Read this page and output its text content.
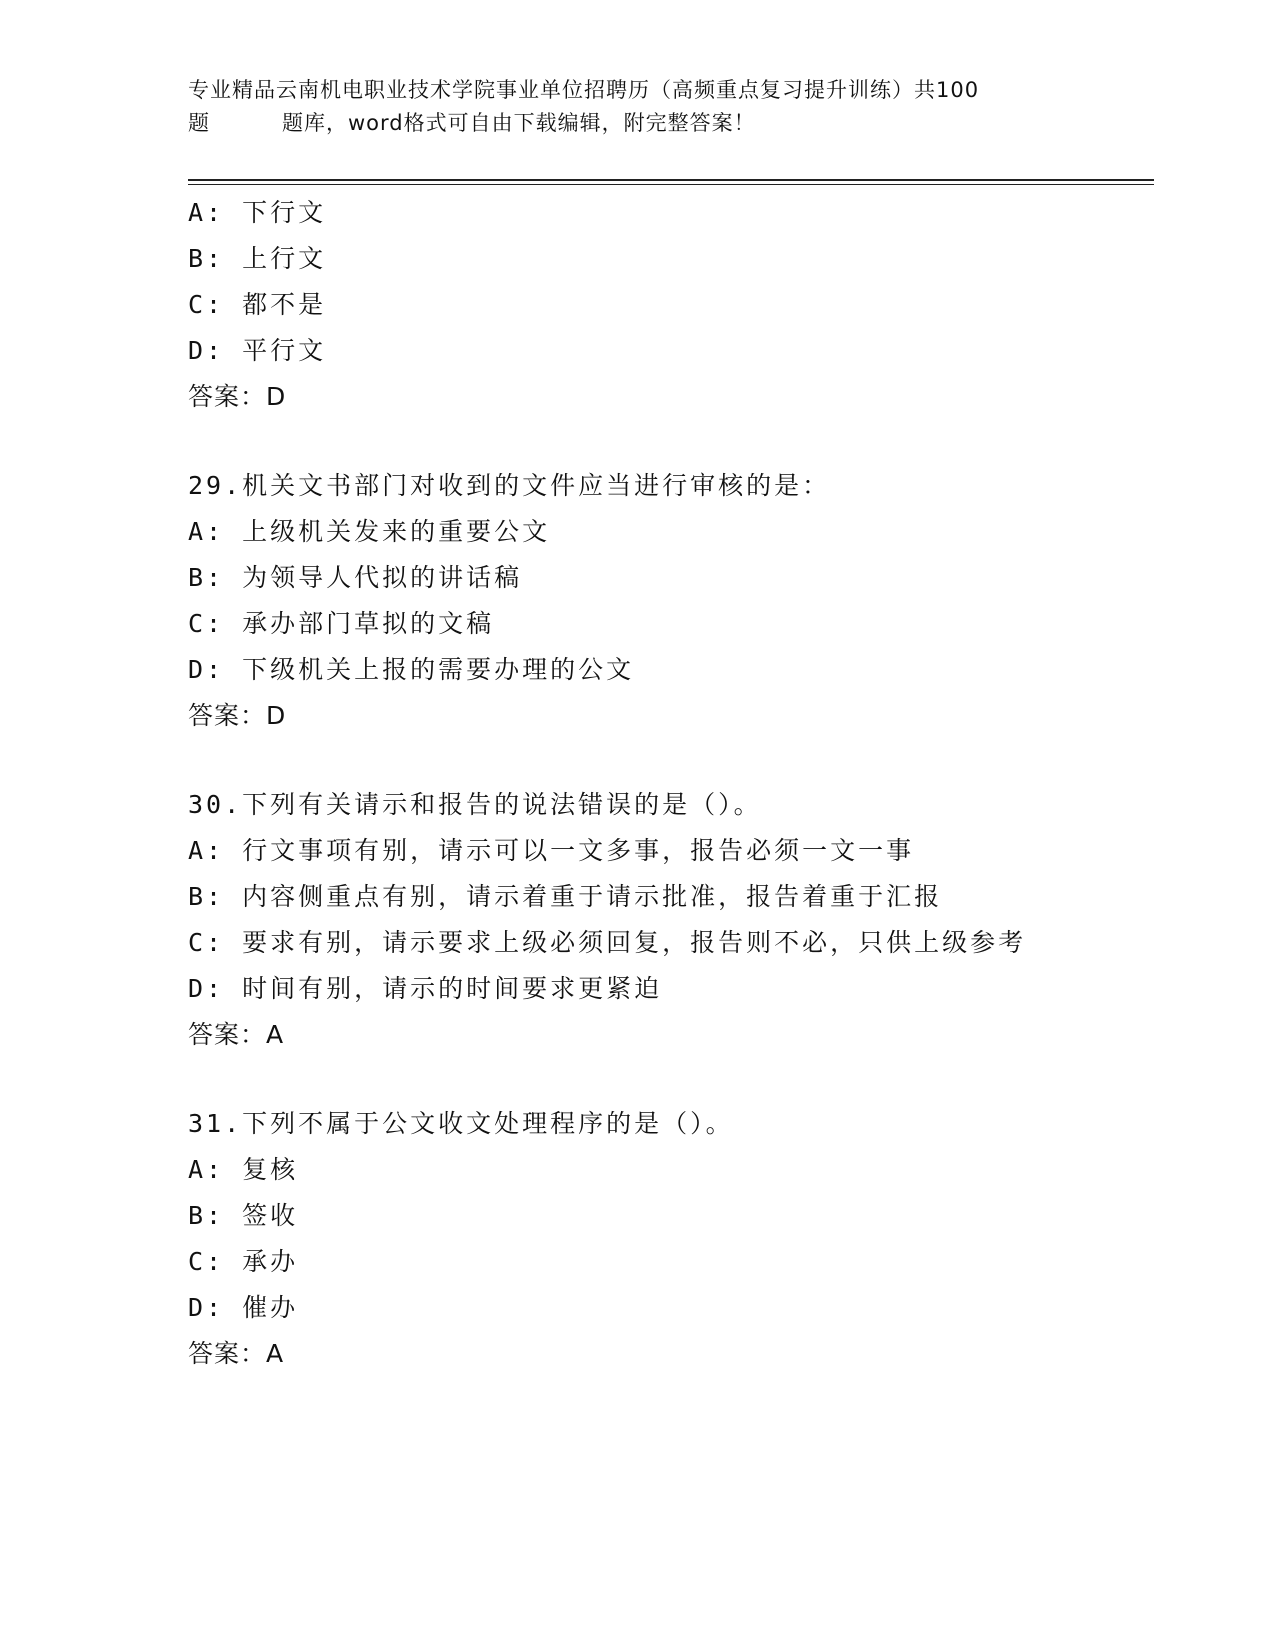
专业精品云南机电职业技术学院事业单位招聘历（高频重点复习提升训练）共100
题	题库，word格式可自由下载编辑，附完整答案！
A: 下行文
B: 上行文
C: 都不是
D: 平行文
答案：D
29.机关文书部门对收到的文件应当进行审核的是：
A: 上级机关发来的重要公文
B: 为领导人代拟的讲话稿
C: 承办部门草拟的文稿
D: 下级机关上报的需要办理的公文
答案：D
30.下列有关请示和报告的说法错误的是（）。
A: 行文事项有别，请示可以一文多事，报告必须一文一事
B: 内容侧重点有别，请示着重于请示批准，报告着重于汇报
C: 要求有别，请示要求上级必须回复，报告则不必，只供上级参考
D: 时间有别，请示的时间要求更紧迫
答案：A
31.下列不属于公文收文处理程序的是（）。
A: 复核
B: 签收
C: 承办
D: 催办
答案：A
